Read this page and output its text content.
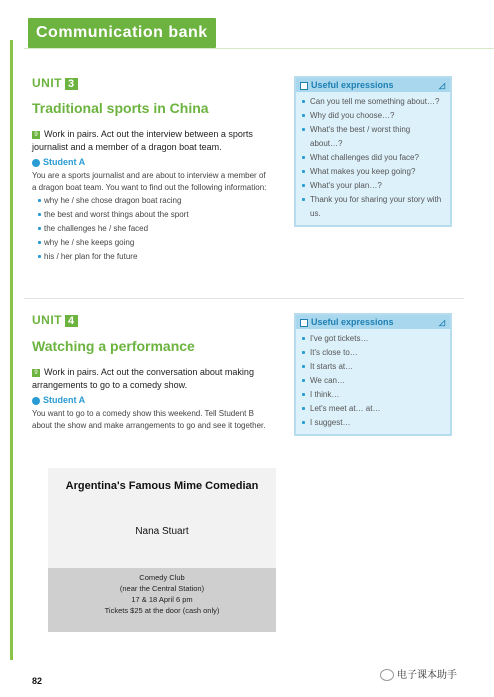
Communication bank
UNIT 3
Traditional sports in China
9 Work in pairs. Act out the interview between a sports journalist and a member of a dragon boat team.
Student A
You are a sports journalist and are about to interview a member of a dragon boat team. You want to find out the following information:
why he / she chose dragon boat racing
the best and worst things about the sport
the challenges he / she faced
why he / she keeps going
his / her plan for the future
Useful expressions	◿
Can you tell me something about…?
Why did you choose…?
What's the best / worst thing about…?
What challenges did you face?
What makes you keep going?
What's your plan…?
Thank you for sharing your story with us.
UNIT 4
Watching a performance
9 Work in pairs. Act out the conversation about making arrangements to go to a comedy show.
Student A
You want to go to a comedy show this weekend. Tell Student B about the show and make arrangements to go and see it together.
Useful expressions	◿
I've got tickets…
It's close to…
It starts at…
We can…
I think…
Let's meet at… at…
I suggest…
Argentina's Famous Mime Comedian
Nana Stuart
Comedy Club
(near the Central Station)
17 & 18 April 6 pm
Tickets $25 at the door (cash only)
82	电子课本助手
